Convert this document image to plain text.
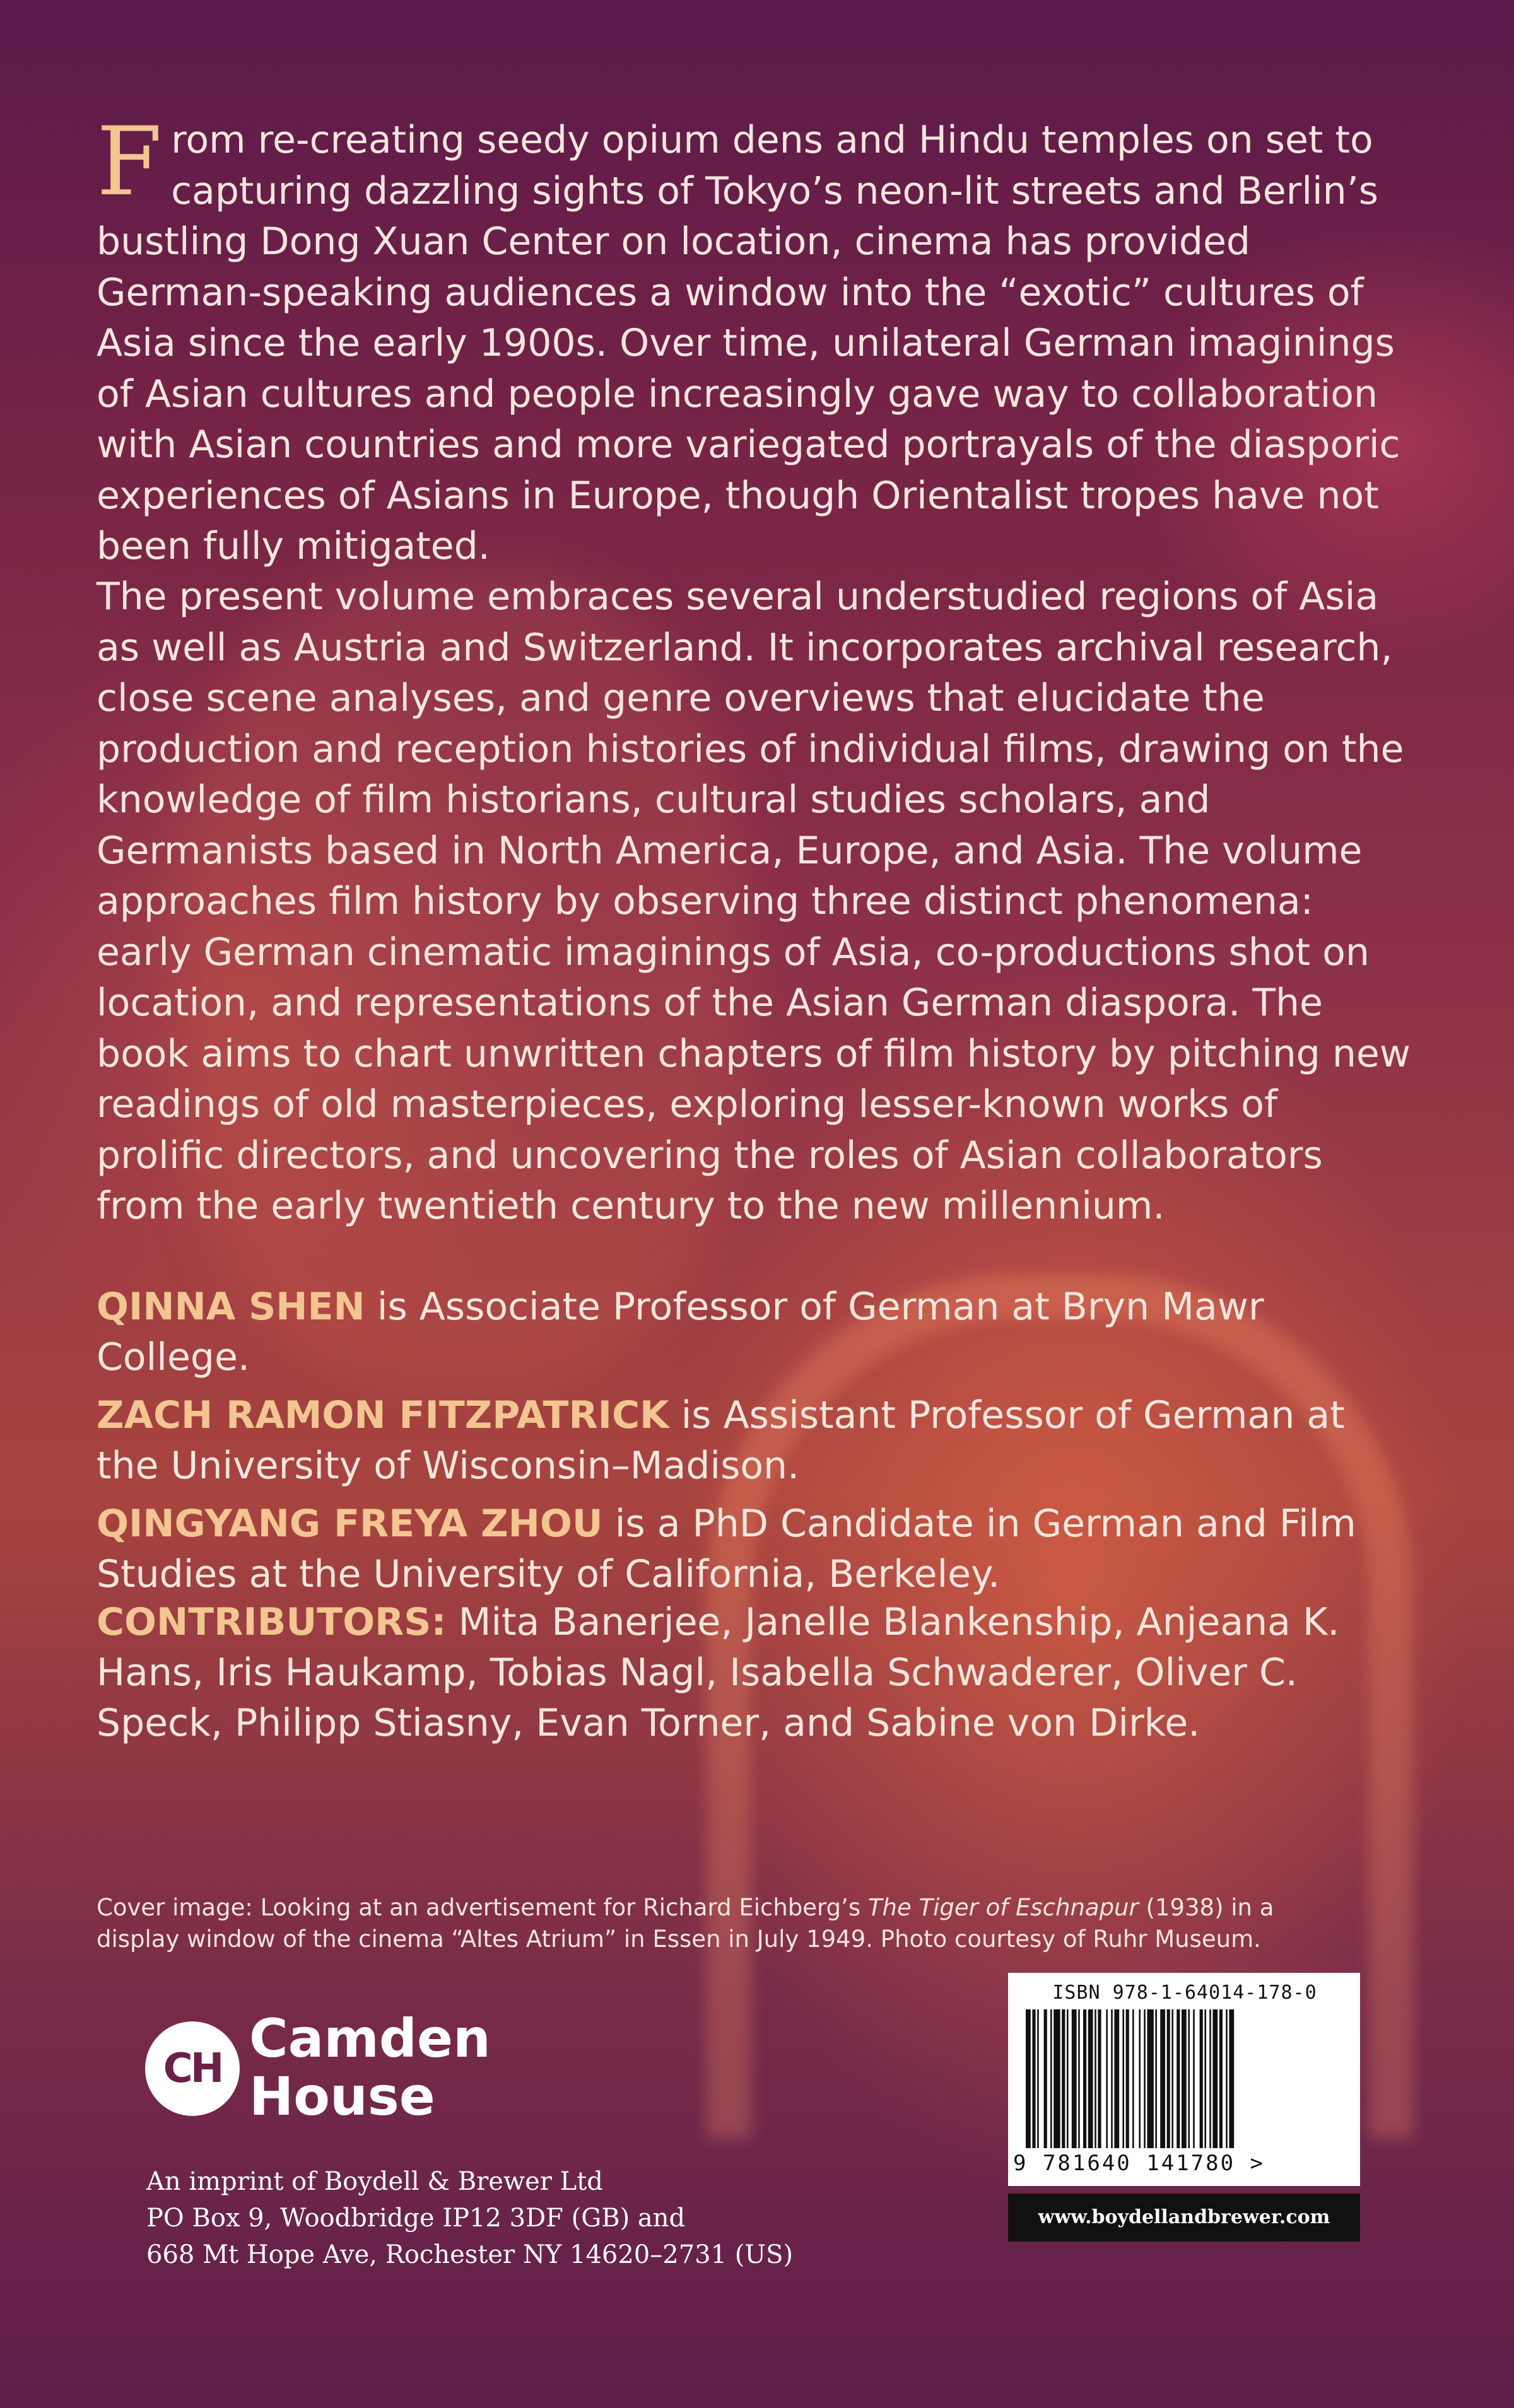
From re-creating seedy opium dens and Hindu temples on set to capturing dazzling sights of Tokyo’s neon-lit streets and Berlin’s bustling Dong Xuan Center on location, cinema has provided German-speaking audiences a window into the “exotic” cultures of Asia since the early 1900s. Over time, unilateral German imaginings of Asian cultures and people increasingly gave way to collaboration with Asian countries and more variegated portrayals of the diasporic experiences of Asians in Europe, though Orientalist tropes have not been fully mitigated.

The present volume embraces several understudied regions of Asia as well as Austria and Switzerland. It incorporates archival research, close scene analyses, and genre overviews that elucidate the production and reception histories of individual films, drawing on the knowledge of film historians, cultural studies scholars, and Germanists based in North America, Europe, and Asia. The volume approaches film history by observing three distinct phenomena: early German cinematic imaginings of Asia, co-productions shot on location, and representations of the Asian German diaspora. The book aims to chart unwritten chapters of film history by pitching new readings of old masterpieces, exploring lesser-known works of prolific directors, and uncovering the roles of Asian collaborators from the early twentieth century to the new millennium.

QINNA SHEN is Associate Professor of German at Bryn Mawr College.

ZACH RAMON FITZPATRICK is Assistant Professor of German at the University of Wisconsin–Madison.

QINGYANG FREYA ZHOU is a PhD Candidate in German and Film Studies at the University of California, Berkeley.

CONTRIBUTORS: Mita Banerjee, Janelle Blankenship, Anjeana K. Hans, Iris Haukamp, Tobias Nagl, Isabella Schwaderer, Oliver C. Speck, Philipp Stiasny, Evan Torner, and Sabine von Dirke.

Cover image: Looking at an advertisement for Richard Eichberg’s The Tiger of Eschnapur (1938) in a display window of the cinema “Altes Atrium” in Essen in July 1949. Photo courtesy of Ruhr Museum.
CH Camden
House
An imprint of Boydell & Brewer Ltd
PO Box 9, Woodbridge IP12 3DF (GB) and
668 Mt Hope Ave, Rochester NY 14620–2731 (US)
ISBN 978-1-64014-178-0
9 781640 141780 >
www.boydellandbrewer.com
